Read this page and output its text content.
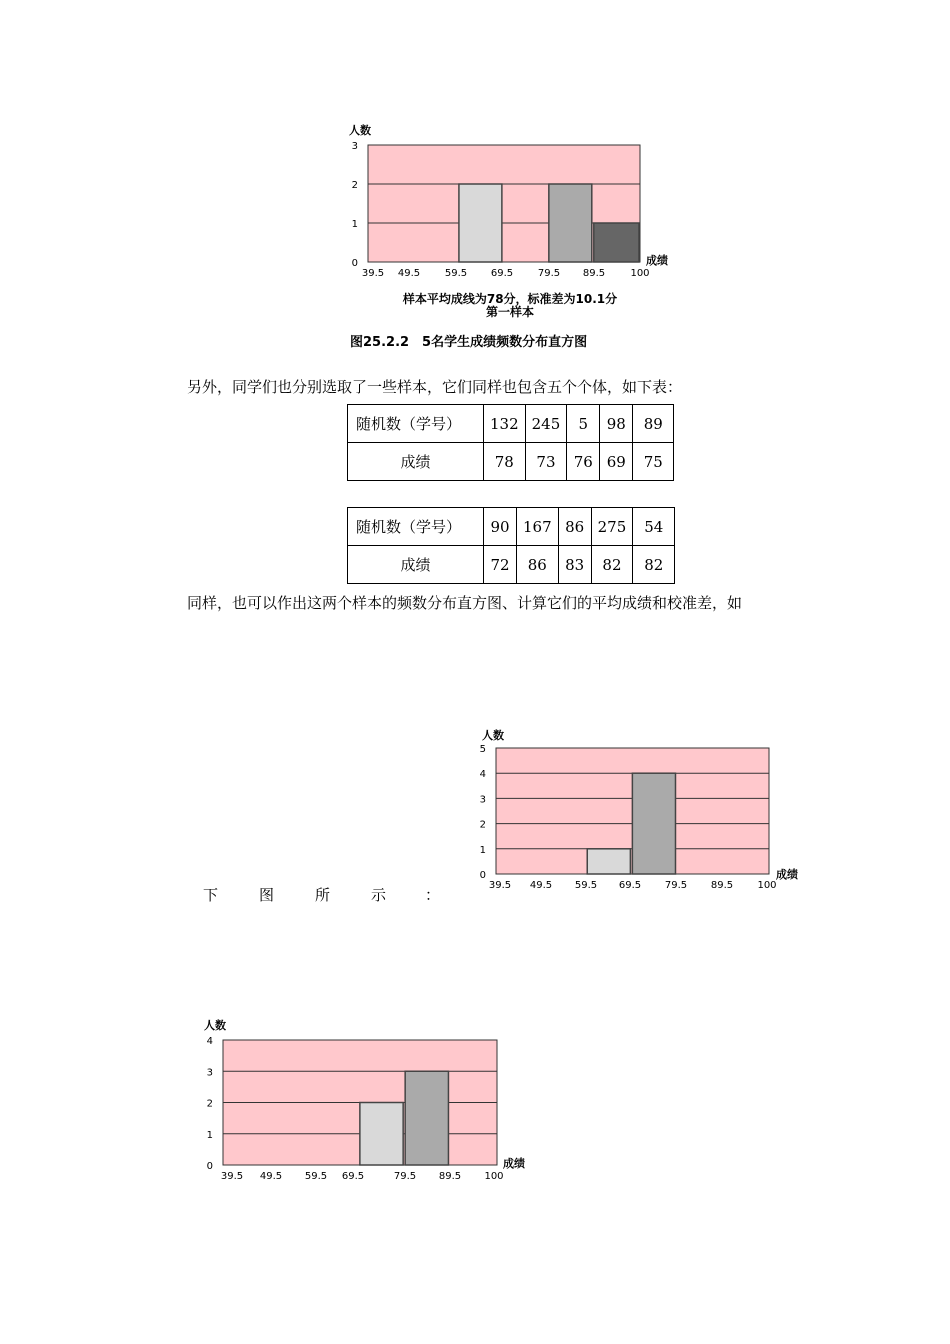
0
1
2
3
39.5 49.5 59.5 69.5 79.5 89.5	100
人数
成绩
样本平均成线为78分，标准差为10.1分
第一样本
图25.2.2　5名学生成绩频数分布直方图
另外，同学们也分别选取了一些样本，它们同样也包含五个个体，如下表：
随机数（学号）	132	245	5	98	89
成绩	78	73	76	69	75
随机数（学号）	90	167	86	275	54
成绩	72	86	83	82	82
同样，也可以作出这两个样本的频数分布直方图、计算它们的平均成绩和校准差，如
0
1
2
3
4
5
39.5 49.5 59.5 69.5 79.5 89.5 100
人数
成绩
下	图	所	示	：
0
1
2
3
4
39.5 49.5 59.5 69.5	79.5 89.5 100
人数
成绩
